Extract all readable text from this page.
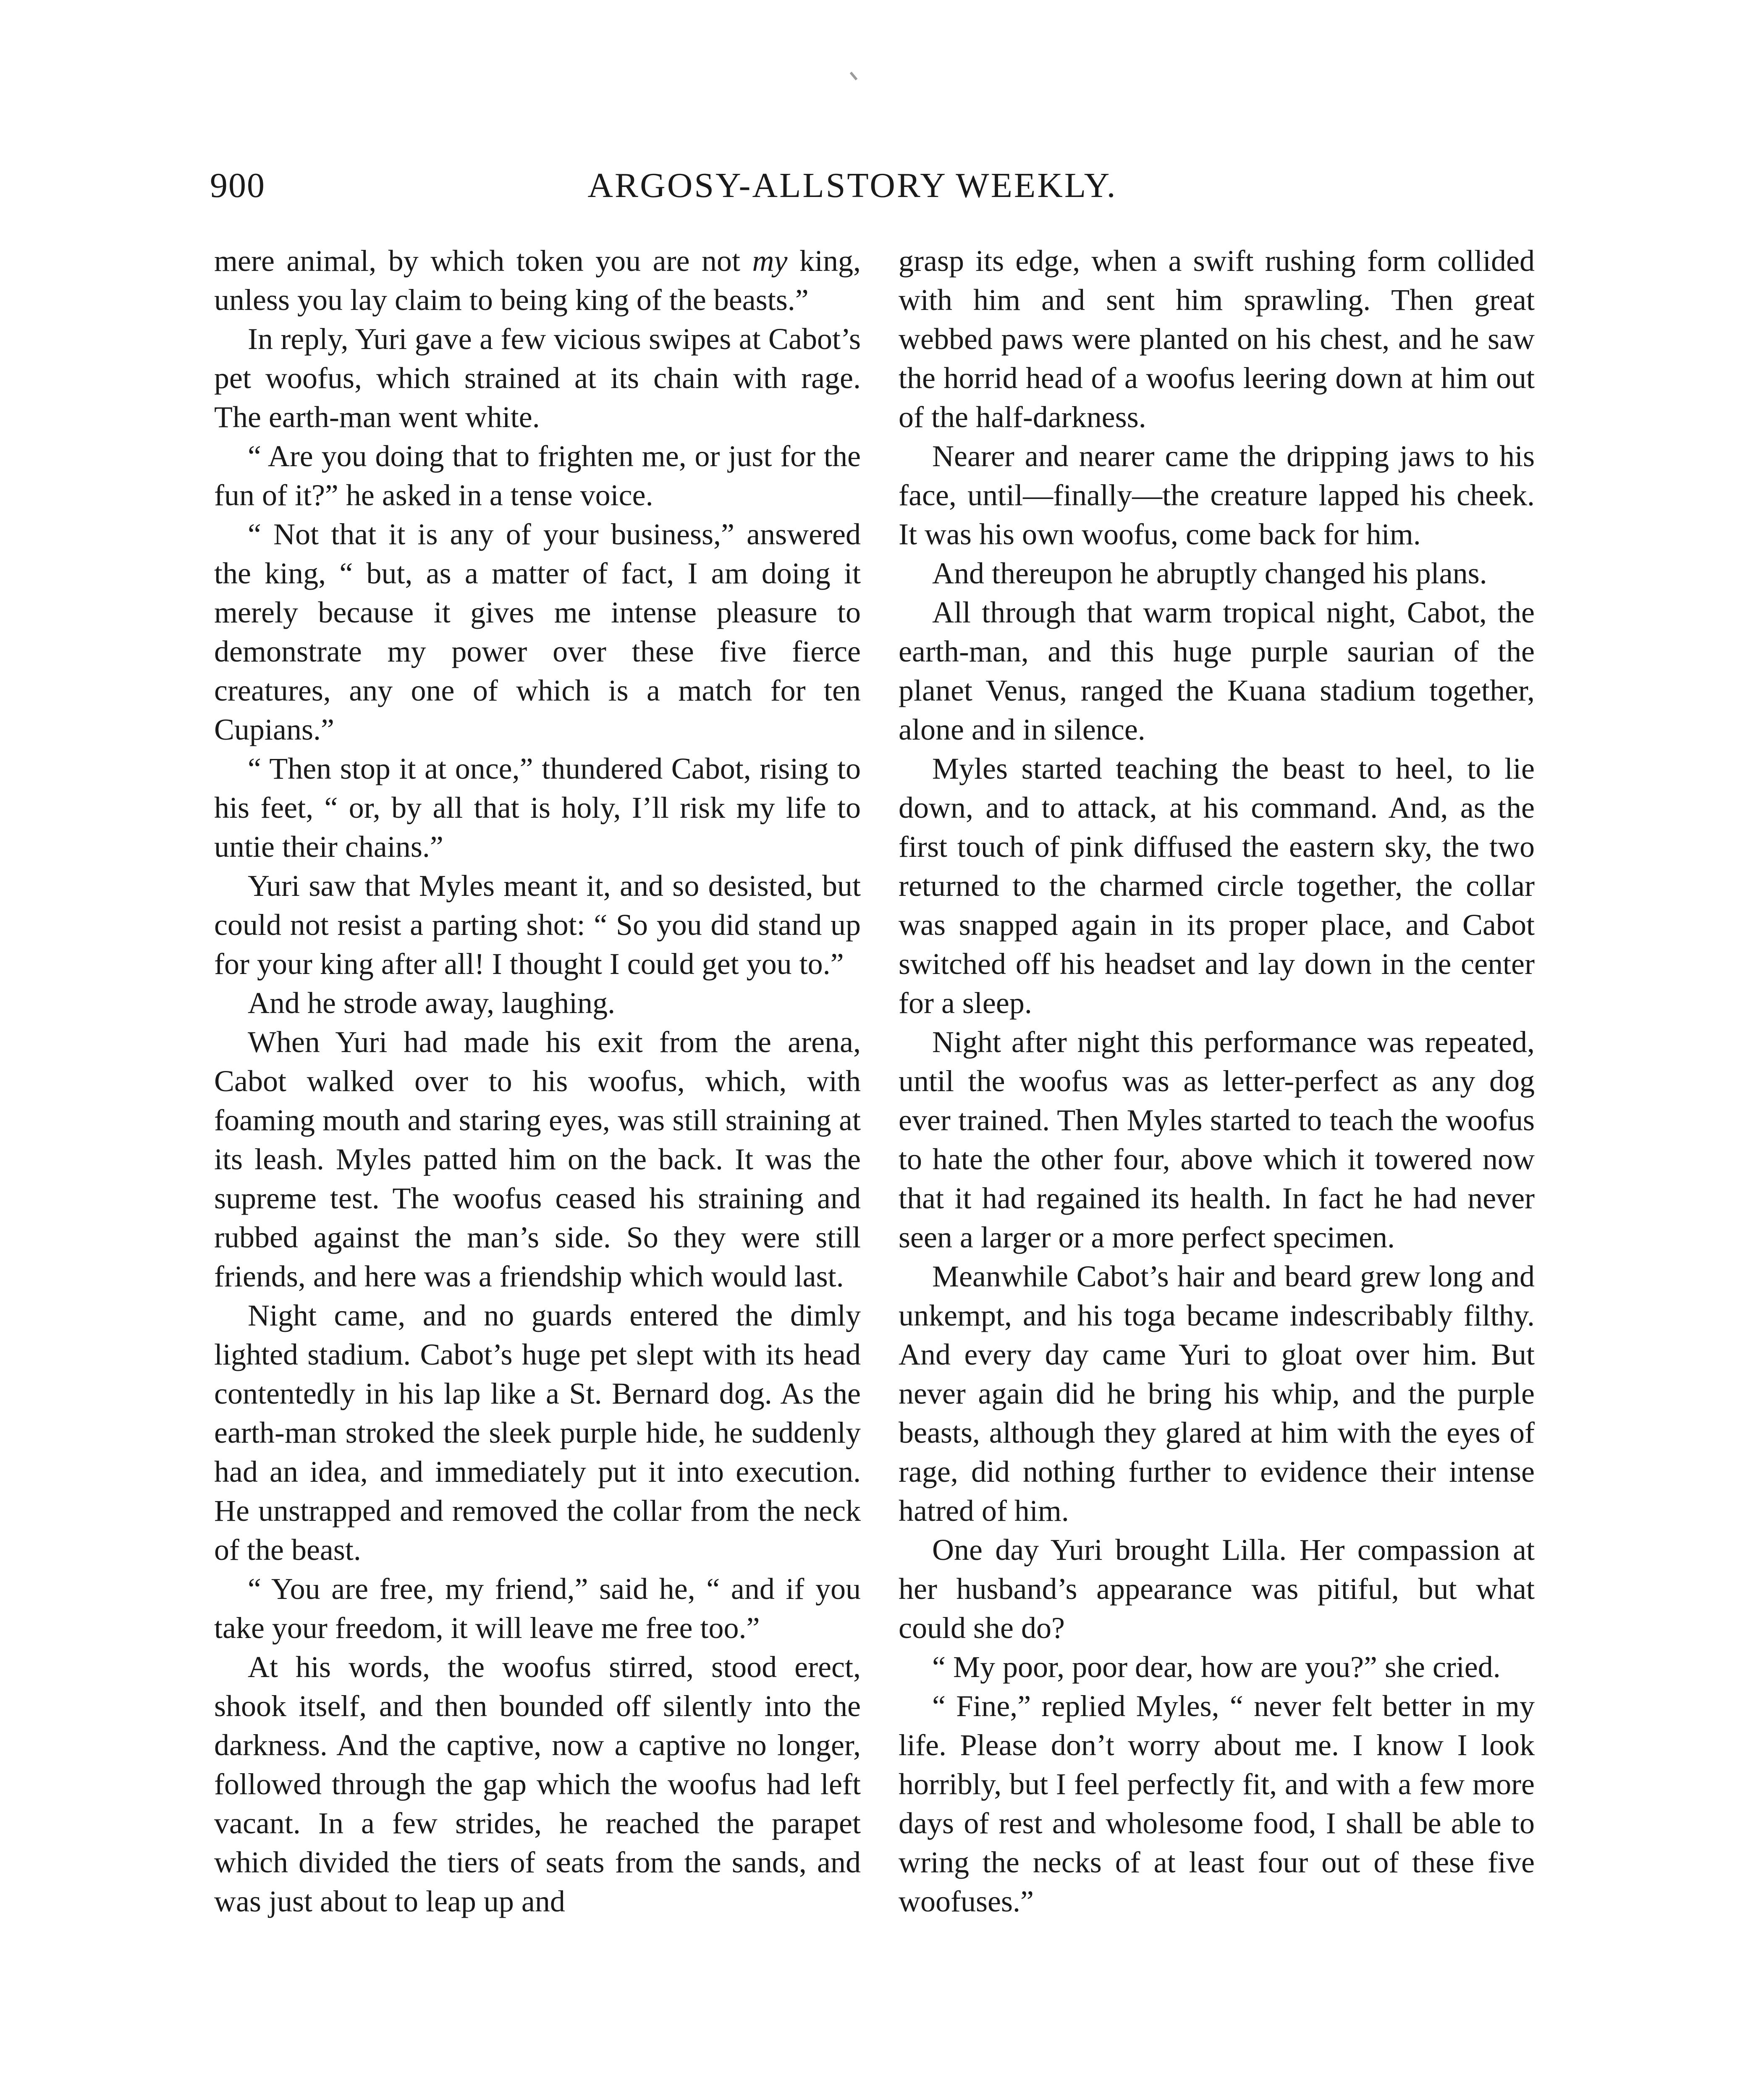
900	ARGOSY-ALLSTORY WEEKLY.

mere animal, by which token you are not my king, unless you lay claim to being king of the beasts.”

In reply, Yuri gave a few vicious swipes at Cabot’s pet woofus, which strained at its chain with rage. The earth-man went white.

“ Are you doing that to frighten me, or just for the fun of it?” he asked in a tense voice.

“ Not that it is any of your business,” answered the king, “ but, as a matter of fact, I am doing it merely because it gives me intense pleasure to demonstrate my power over these five fierce creatures, any one of which is a match for ten Cupians.”

“ Then stop it at once,” thundered Cabot, rising to his feet, “ or, by all that is holy, I’ll risk my life to untie their chains.”

Yuri saw that Myles meant it, and so desisted, but could not resist a parting shot: “ So you did stand up for your king after all! I thought I could get you to.”

And he strode away, laughing.

When Yuri had made his exit from the arena, Cabot walked over to his woofus, which, with foaming mouth and staring eyes, was still straining at its leash. Myles patted him on the back. It was the supreme test. The woofus ceased his straining and rubbed against the man’s side. So they were still friends, and here was a friendship which would last.

Night came, and no guards entered the dimly lighted stadium. Cabot’s huge pet slept with its head contentedly in his lap like a St. Bernard dog. As the earth-man stroked the sleek purple hide, he suddenly had an idea, and immediately put it into execution. He unstrapped and removed the collar from the neck of the beast.

“ You are free, my friend,” said he, “ and if you take your freedom, it will leave me free too.”

At his words, the woofus stirred, stood erect, shook itself, and then bounded off silently into the darkness. And the captive, now a captive no longer, followed through the gap which the woofus had left vacant. In a few strides, he reached the parapet which divided the tiers of seats from the sands, and was just about to leap up and

grasp its edge, when a swift rushing form collided with him and sent him sprawling. Then great webbed paws were planted on his chest, and he saw the horrid head of a woofus leering down at him out of the half-darkness.

Nearer and nearer came the dripping jaws to his face, until—finally—the creature lapped his cheek. It was his own woofus, come back for him.

And thereupon he abruptly changed his plans.

All through that warm tropical night, Cabot, the earth-man, and this huge purple saurian of the planet Venus, ranged the Kuana stadium together, alone and in silence.

Myles started teaching the beast to heel, to lie down, and to attack, at his command. And, as the first touch of pink diffused the eastern sky, the two returned to the charmed circle together, the collar was snapped again in its proper place, and Cabot switched off his headset and lay down in the center for a sleep.

Night after night this performance was repeated, until the woofus was as letter-perfect as any dog ever trained. Then Myles started to teach the woofus to hate the other four, above which it towered now that it had regained its health. In fact he had never seen a larger or a more perfect specimen.

Meanwhile Cabot’s hair and beard grew long and unkempt, and his toga became indescribably filthy. And every day came Yuri to gloat over him. But never again did he bring his whip, and the purple beasts, although they glared at him with the eyes of rage, did nothing further to evidence their intense hatred of him.

One day Yuri brought Lilla. Her compassion at her husband’s appearance was pitiful, but what could she do?

“ My poor, poor dear, how are you?” she cried.

“ Fine,” replied Myles, “ never felt better in my life. Please don’t worry about me. I know I look horribly, but I feel perfectly fit, and with a few more days of rest and wholesome food, I shall be able to wring the necks of at least four out of these five woofuses.”
